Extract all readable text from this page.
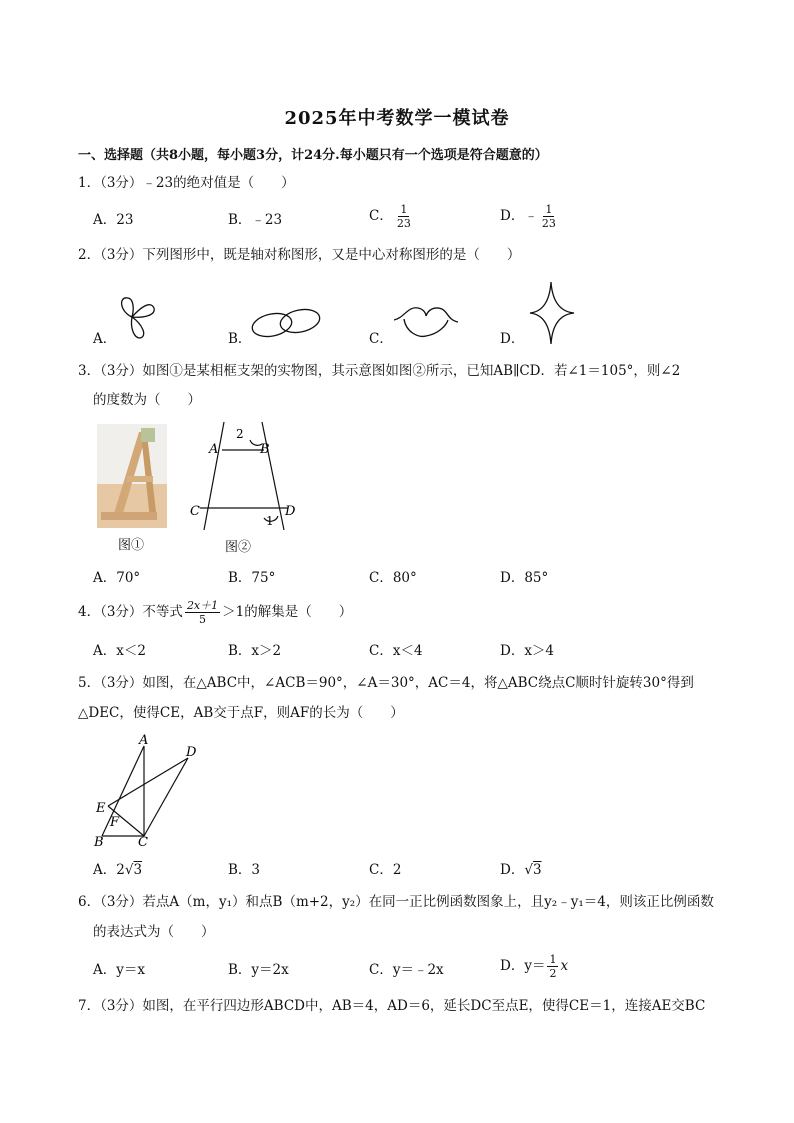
2025年中考数学一模试卷
一、选择题（共8小题，每小题3分，计24分.每小题只有一个选项是符合题意的）
1．（3分）﹣23的绝对值是（　　）
A．23	B．﹣23	C． $\frac{1}{23}$	D．﹣ $\frac{1}{23}$
2．（3分）下列图形中，既是轴对称图形，又是中心对称图形的是（　　）
A．	B．	C．	D．
3．（3分）如图①是某相框支架的实物图，其示意图如图②所示，已知AB∥CD．若∠1＝105°，则∠2
的度数为（　　）
图①
A	B
C	D
2
1
图②
A．70°	B．75°	C．80°	D．85°
4．（3分）不等式 $\frac{2x+1}{5} >1$的解集是（　　）
A．x＜2	B．x＞2	C．x＜4	D．x＞4
5．（3分）如图，在△ABC中，∠ACB＝90°，∠A＝30°，AC＝4，将△ABC绕点C顺时针旋转30°得到
△DEC，使得CE，AB交于点F，则AF的长为（　　）
A
D
E
F
B	C
A．2√3	B．3	C．2	D．√3
6．（3分）若点A（m，y₁）和点B（m+2，y₂）在同一正比例函数图象上，且y₂﹣y₁＝4，则该正比例函数
的表达式为（　　）
A．y＝x	B．y＝2x	C．y＝﹣2x	D．$y= \frac{1}{2}$ x
7．（3分）如图，在平行四边形ABCD中，AB＝4，AD＝6，延长DC至点E，使得CE＝1，连接AE交BC
